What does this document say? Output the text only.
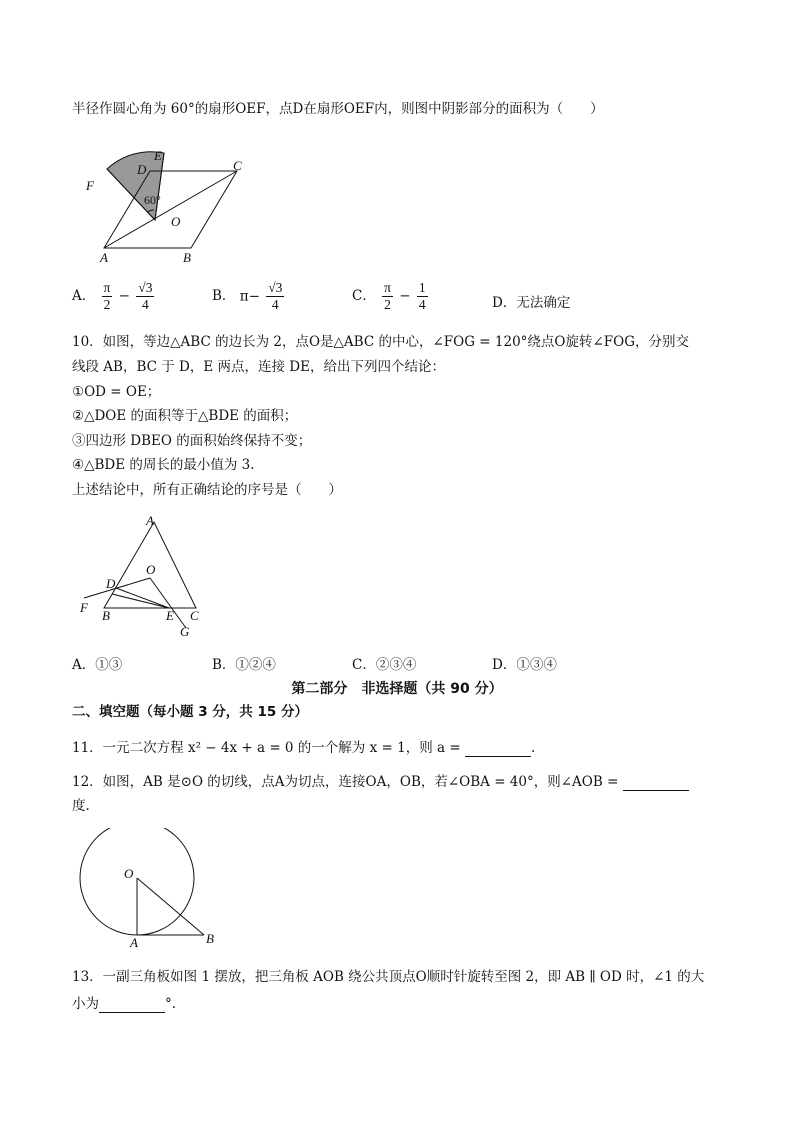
半径作圆心角为 60°的扇形OEF，点D在扇形OEF内，则图中阴影部分的面积为（　　）
E
D	C
F
60°
O
A	B
A． $\frac{\pi}{2} - \frac{√3}{4}$	B． $\pi- \frac{√3}{4}$	C． $\frac{\pi}{2} - \frac{1}{4}$	D．无法确定
10．如图，等边△ABC 的边长为 2，点O是△ABC 的中心，∠FOG = 120°绕点O旋转∠FOG，分别交
线段 AB，BC 于 D，E 两点，连接 DE，给出下列四个结论：
①OD = OE；
②△DOE 的面积等于△BDE 的面积；
③四边形 DBEO 的面积始终保持不变；
④△BDE 的周长的最小值为 3.
上述结论中，所有正确结论的序号是（　　）
A
O
D
F
B	E C
G
A．①③	B．①②④	C．②③④	D．①③④
第二部分　非选择题（共 90 分）
二、填空题（每小题 3 分，共 15 分）
11．一元二次方程 x² − 4x + a = 0 的一个解为 x = 1，则 a =	.
12．如图，AB 是⊙O 的切线，点A为切点，连接OA，OB，若∠OBA = 40°，则∠AOB =
度.
O
A	B
13．一副三角板如图 1 摆放，把三角板 AOB 绕公共顶点O顺时针旋转至图 2，即 AB ∥ OD 时，∠1 的大
小为	°.
